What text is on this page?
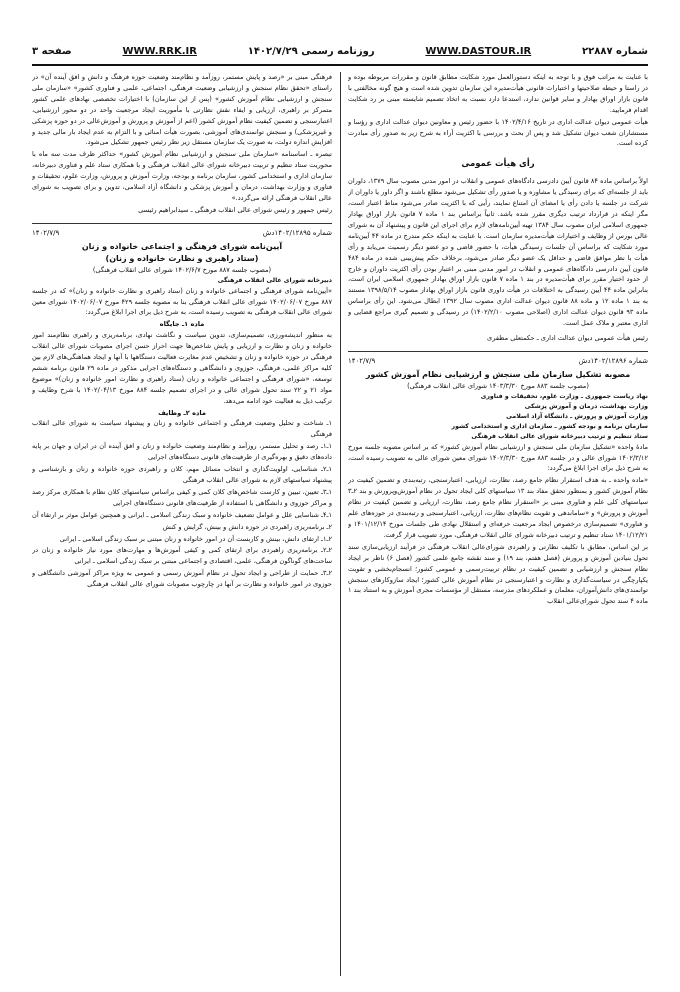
شماره ۲۲۸۸۷
WWW.DASTOUR.IR
روزنامه رسمی ۱۴۰۲/۷/۲۹
WWW.RRK.IR
صفحه ۳

با عنایت به مراتب فوق و با توجه به اینکه دستورالعمل مورد شکایت مطابق قانون و مقررات مربوطه بوده و در راستا و حیطه صلاحیتها و اختیارات قانونی هیأت‌مدیره این سازمان تدوین شده است و هیچ گونه مخالفتی با قانون بازار اوراق بهادار و سایر قوانین ندارد، استدعا دارد نسبت به اتخاذ تصمیم شایسته مبنی بر رد شکایت اقدام فرمایید.

هیأت عمومی دیوان عدالت اداری در تاریخ ۱۴۰۲/۴/۱۶ با حضور رئیس و معاونین دیوان عدالت اداری و رؤسا و مستشاران شعب دیوان تشکیل شد و پس از بحث و بررسی با اکثریت آراء به شرح زیر به صدور رأی مبادرت کرده است.

رأی هیأت عمومی

اولاً براساس ماده ۸۴ قانون آیین دادرسی دادگاه‌های عمومی و انقلاب در امور مدنی مصوب سال ۱۳۷۹، داوران باید از جلسه‌ای که برای رسیدگی یا مشاوره و یا صدور رأی تشکیل می‌شود مطلع باشند و اگر داور یا داوران از شرکت در جلسه یا دادن رأی یا امضای آن امتناع نمایند، رأیی که با اکثریت صادر می‌شود مناط اعتبار است، مگر اینکه در قرارداد ترتیب دیگری مقرر شده باشد. ثانیاً براساس بند ۱ ماده ۷ قانون بازار اوراق بهادار جمهوری اسلامی ایران مصوب سال ۱۳۸۴ تهیه آیین‌نامه‌های لازم برای اجرای این قانون و پیشنهاد آن به شورای عالی بورس از وظایف و اختیارات هیأت‌مدیره سازمان است. با عنایت به اینکه حکم مندرج در ماده ۴۴ آیین‌نامه مورد شکایت که براساس آن جلسات رسیدگی هیأت، با حضور قاضی و دو عضو دیگر رسمیت می‌یابد و رأی هیأت با نظر موافق قاضی و حداقل یک عضو دیگر صادر می‌شود، برخلاف حکم پیش‌بینی شده در ماده ۴۸۴ قانون آیین دادرسی دادگاه‌های عمومی و انقلاب در امور مدنی مبنی بر اعتبار بودن رأی اکثریت داوران و خارج از حدود اختیار مقرر برای هیأت‌مدیره در بند ۱ ماده ۷ قانون بازار اوراق بهادار جمهوری اسلامی ایران است، بنابراین ماده ۴۴ آیین رسیدگی به اختلافات در هیأت داوری قانون بازار اوراق بهادار مصوب ۱۳۹۸/۵/۱۴ مستند به بند ۱ ماده ۱۲ و ماده ۸۸ قانون دیوان عدالت اداری مصوب سال ۱۳۹۲ ابطال می‌شود. این رأی براساس ماده ۹۳ قانون دیوان عدالت اداری (اصلاحی مصوب ۱۴۰۲/۲/۱۰) در رسیدگی و تصمیم گیری مراجع قضایی و اداری معتبر و ملاک عمل است.

رئیس هیأت عمومی دیوان عدالت اداری ـ حکمتعلی مظفری

شماره ۱۴۰۲/۱۲۸۹۶دش
۱۴۰۲/۷/۹
مصوبه تشکیل سازمان ملی سنجش و ارزشیابی نظام آموزش کشور
(مصوب جلسه ۸۸۳ مورخ ۱۴۰۳/۳/۳۰ شورای عالی انقلاب فرهنگی)
نهاد ریاست جمهوری ـ وزارت علوم، تحقیقات و فناوری
وزارت بهداشت، درمان و آموزش پزشکی
وزارت آموزش و پرورش ـ دانشگاه آزاد اسلامی
سازمان برنامه و بودجه کشور ـ سازمان اداری و استخدامی کشور
ستاد تنظیم و ترتیب دبیرخانه شورای عالی انقلاب فرهنگی

مادۀ واحده «تشکیل سازمان ملی سنجش و ارزشیابی نظام آموزش کشور» که بر اساس مصوبه جلسه مورخ ۱۴۰۲/۳/۱۲ شورای عالی و در جلسه ۸۸۳ مورخ ۱۴۰۲/۳/۳۰ شورای معین شورای عالی به تصویب رسیده است، به شرح ذیل برای اجرا ابلاغ می‌گردد:

«ماده واحده ـ به هدف استقرار نظام جامع رصد، نظارت، ارزیابی، اعتبارسنجی، رتبه‌بندی و تضمین کیفیت در نظام آموزش کشور و بمنظور تحقق مفاد بند ۱۳ سیاستهای کلی ایجاد تحول در نظام آموزش‌وپرورش و بند ۲ـ۳ سیاستهای کلی علم و فناوری مبنی بر «استقرار نظام جامع رصد، نظارت، ارزیابی و تضمین کیفیت در نظام آموزش و پرورش» و «ساماندهی و تقویت نظام‌های نظارت، ارزیابی، اعتبارسنجی و رتبه‌بندی در حوزه‌های علم و فناوری» تصمیم‌سازی درخصوص ایجاد مرجعیت حرفه‌ای و استقلال نهادی طی جلسات مورخ ۱۴۰۱/۱۲/۱۴ و ۱۴۰۱/۱۲/۲۱ ستاد تنظیم و ترتیب دبیرخانه شورای عالی انقلاب فرهنگی، مورد تصویب قرار گرفت.

بر این اساس، مطابق با تکلیف نظارتی و راهبردی شورای‌عالی انقلاب فرهنگی در فرآیند ارزیابی‌سازی سند تحول بنیادین آموزش و پرورش (فصل هفتم، بند ۱۹) و سند نقشه جامع علمی کشور (فصل ۶) ناظر بر ایجاد نظام سنجش و ارزشیابی و تضمین کیفیت در نظام تربیت‌رسمی و عمومی کشور؛ انسجام‌بخشی و تقویت یکپارچگی در سیاست‌گذاری و نظارت و اعتبارسنجی در نظام آموزش عالی کشور؛ ایجاد سازوکارهای سنجش توانمندی‌های دانش‌آموزان، معلمان و عملکردهای مدرسه، مستقل از مؤسسات مجری آموزش و به استناد بند ۱ ماده ۴ سند تحول شورای‌عالی انقلاب

فرهنگی مبنی بر «رصد و پایش مستمر، روزآمد و نظام‌مند وضعیت حوزه فرهنگ و دانش و افق آینده آن» در راستای «تحقق نظام سنجش و ارزشیابی وضعیت فرهنگی، اجتماعی، علمی و فناوری کشور» «سازمان ملی سنجش و ارزشیابی نظام آموزش کشور» (پس از این سازمان) با اختیارات تخصصی نهادهای علمی کشور متمرکز بر راهبری، ارزیابی و ایفاء نقش نظارتی با مأموریت ایجاد مرجعیت واحد در دو محور ارزشیابی، اعتبارسنجی و تضمین کیفیت نظام آموزش کشور (اعم از آموزش و پرورش و آموزش‌عالی در دو حوزه پزشکی و غیرپزشکی) و سنجش توانمندی‌های آموزشی، بصورت هیأت امنائی و با التزام به عدم ایجاد بار مالی جدید و افزایش اندازه دولت، به صورت یک سازمان مستقل زیر نظر رئیس جمهور تشکیل می‌شود.

تبصره ـ اساسنامه «سازمان ملی سنجش و ارزشیابی نظام آموزش کشور» حداکثر ظرف مدت سه ماه با محوریت ستاد تنظیم و تربیت دبیرخانه شورای عالی انقلاب فرهنگی و با همکاری ستاد علم و فناوری دبیرخانه، سازمان اداری و استخدامی کشور، سازمان برنامه و بودجه، وزارت آموزش و پرورش، وزارت علوم، تحقیقات و فناوری و وزارت بهداشت، درمان و آموزش پزشکی و دانشگاه آزاد اسلامی، تدوین و برای تصویب به شورای عالی انقلاب فرهنگی ارائه می‌گردد.»

رئیس جمهور و رئیس شورای عالی انقلاب فرهنگی ـ سیدابراهیم رئیسی

شماره ۱۴۰۲/۱۲۸۹۵دش
۱۴۰۲/۷/۹
آیین‌نامه شورای فرهنگی و اجتماعی خانواده و زنان
(ستاد راهبری و نظارت خانواده و زنان)
(مصوب جلسه ۸۸۷ مورخ ۱۴۰۲/۶/۷ شورای عالی انقلاب فرهنگی)
دبیرخانه شورای عالی انقلاب فرهنگی

«آیین‌نامه شورای فرهنگی و اجتماعی خانواده و زنان (ستاد راهبری و نظارت خانواده و زنان)» که در جلسه ۸۸۷ مورخ ۱۴۰۲/۰۶/۰۷ شورای عالی انقلاب فرهنگی بنا به مصوبه جلسه ۴۲۹ مورخ ۱۴۰۲/۰۶/۰۷ شورای معین شورای عالی انقلاب فرهنگی به تصویب رسیده است، به شرح ذیل برای اجرا ابلاغ می‌گردد:

ماده ۱ـ جایگاه

به منظور اندیشه‌ورزی، تصمیم‌سازی، تدوین سیاست و نگاشت نهادی، برنامه‌ریزی و راهبری نظام‌مند امور خانواده و زنان و نظارت و ارزیابی و پایش شاخص‌ها جهت احراز حسن اجرای مصوبات شورای عالی انقلاب فرهنگی در حوزه خانواده و زنان و تشخیص عدم مغایرت فعالیت دستگاهها با آنها و ایجاد هماهنگی‌های لازم بین کلیه مراکز علمی، فرهنگی، حوزوی و دانشگاهی و دستگاه‌های اجرایی مذکور در ماده ۲۹ قانون برنامه ششم توسعه، «شورای فرهنگی و اجتماعی خانواده و زنان (ستاد راهبری و نظارت امور خانواده و زنان)» موضوع مواد ۲۱ و ۲۲ سند تحول شورای عالی و در اجرای تصمیم جلسه ۸۸۴ مورخ ۱۴۰۲/۰۴/۱۳ با شرح وظایف و ترکیب ذیل به فعالیت خود ادامه می‌دهد.

ماده ۲ـ وظایف

۱ـ شناخت و تحلیل وضعیت فرهنگی و اجتماعی خانواده و زنان و پیشنهاد سیاست به شورای عالی انقلاب فرهنگی

۱ـ۱ـ رصد و تحلیل مستمر، روزآمد و نظام‌مند وضعیت خانواده و زنان و افق آینده آن در ایران و جهان بر پایه داده‌های دقیق و بهره‌گیری از ظرفیت‌های قانونی دستگاه‌های اجرایی

۱ـ۲ـ شناسایی، اولویت‌گذاری و انتخاب مسائل مهم، کلان و راهبردی حوزه خانواده و زنان و بازشناسی و پیشنهاد سیاستهای لازم به شورای عالی انقلاب فرهنگی

۱ـ۳ـ تعیین، تبیین و کارست شاخص‌های کلان کمی و کیفی براساس سیاستهای کلان نظام با همکاری مرکز رصد و مراکز حوزوی و دانشگاهی با استفاده از ظرفیت‌های قانونی دستگاه‌های اجرایی

۱ـ۴ـ شناسایی علل و عوامل تضعیف خانواده و سبک زندگی اسلامی ـ ایرانی و همچنین عوامل موثر بر ارتقاء آن

۲ـ برنامه‌ریزی راهبردی در حوزه دانش و بینش، گرایش و کنش

۲ـ۱ـ ارتقای دانش، بینش و کاربست آن در امور خانواده و زنان مبتنی بر سبک زندگی اسلامی ـ ایرانی

۲ـ۲ـ برنامه‌ریزی راهبردی برای ارتقای کمی و کیفی آموزش‌ها و مهارت‌های مورد نیاز خانواده و زنان در ساحت‌های گوناگون فرهنگی، علمی، اقتصادی و اجتماعی مبتنی بر سبک زندگی اسلامی ـ ایرانی

۲ـ۳ـ حمایت از طراحی و ایجاد تحول در نظام آموزش رسمی و عمومی به ویژه مراکز آموزشی دانشگاهی و حوزوی در امور خانواده و نظارت بر آنها در چارچوب مصوبات شورای عالی انقلاب فرهنگی
